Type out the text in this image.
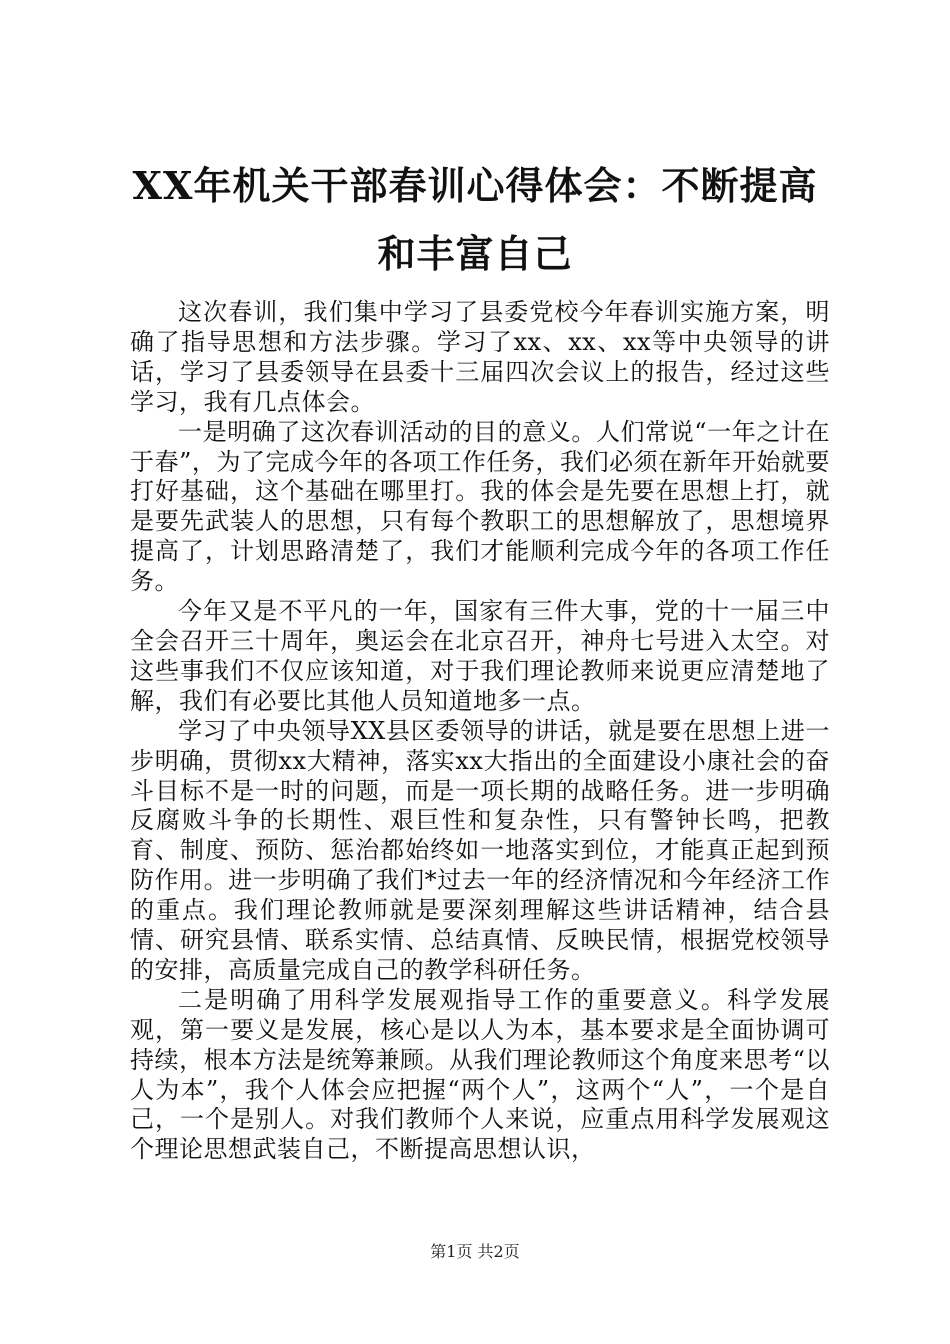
XX年机关干部春训心得体会：不断提高和丰富自己

这次春训，我们集中学习了县委党校今年春训实施方案，明确了指导思想和方法步骤。学习了xx、xx、xx等中央领导的讲话，学习了县委领导在县委十三届四次会议上的报告，经过这些学习，我有几点体会。

一是明确了这次春训活动的目的意义。人们常说“一年之计在于春”，为了完成今年的各项工作任务，我们必须在新年开始就要打好基础，这个基础在哪里打。我的体会是先要在思想上打，就是要先武装人的思想，只有每个教职工的思想解放了，思想境界提高了，计划思路清楚了，我们才能顺利完成今年的各项工作任务。

今年又是不平凡的一年，国家有三件大事，党的十一届三中全会召开三十周年，奥运会在北京召开，神舟七号进入太空。对这些事我们不仅应该知道，对于我们理论教师来说更应清楚地了解，我们有必要比其他人员知道地多一点。

学习了中央领导XX县区委领导的讲话，就是要在思想上进一步明确，贯彻xx大精神，落实xx大指出的全面建设小康社会的奋斗目标不是一时的问题，而是一项长期的战略任务。进一步明确反腐败斗争的长期性、艰巨性和复杂性，只有警钟长鸣，把教育、制度、预防、惩治都始终如一地落实到位，才能真正起到预防作用。进一步明确了我们*过去一年的经济情况和今年经济工作的重点。我们理论教师就是要深刻理解这些讲话精神，结合县情、研究县情、联系实情、总结真情、反映民情，根据党校领导的安排，高质量完成自己的教学科研任务。

二是明确了用科学发展观指导工作的重要意义。科学发展观，第一要义是发展，核心是以人为本，基本要求是全面协调可持续，根本方法是统筹兼顾。从我们理论教师这个角度来思考“以人为本”，我个人体会应把握“两个人”，这两个“人”，一个是自己，一个是别人。对我们教师个人来说，应重点用科学发展观这个理论思想武装自己，不断提高思想认识，

第1页 共2页
